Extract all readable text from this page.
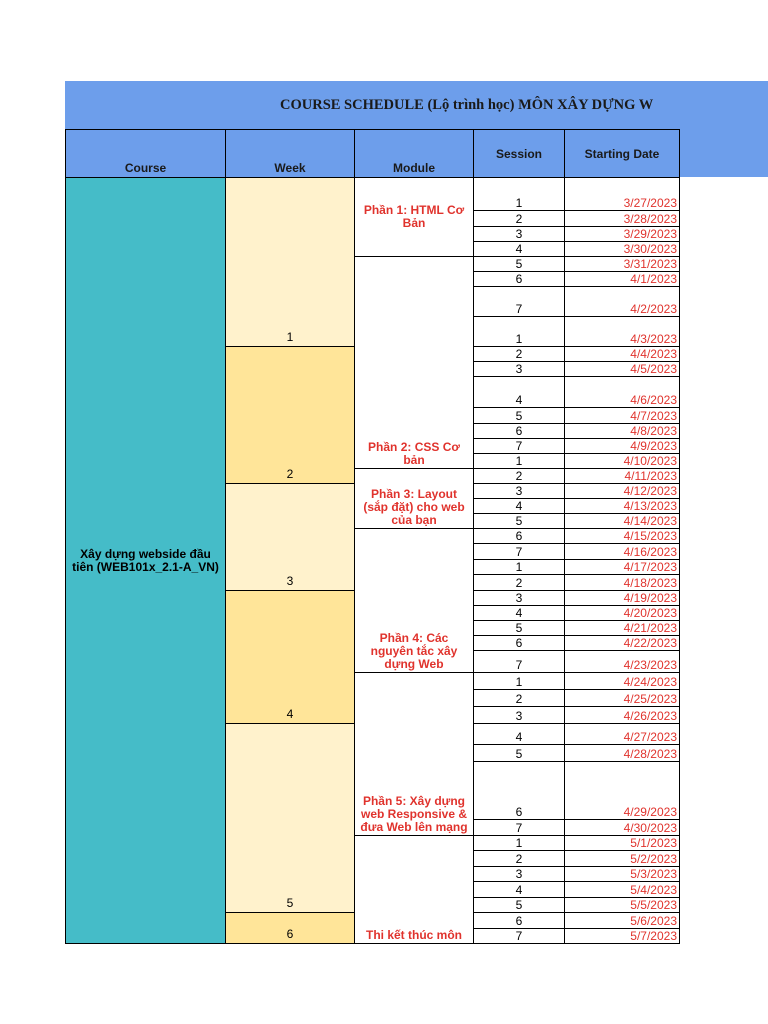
COURSE SCHEDULE (Lộ trình học) MÔN XÂY DỰNG W
Course	Week	Module	Session	Starting Date
Xây dựng webside đầu tiên (WEB101x_2.1-A_VN)	1	Phần 1: HTML Cơ Bản	1	3/27/2023
			2	3/28/2023
			3	3/29/2023
			4	3/30/2023
		Phần 2: CSS Cơ bản	5	3/31/2023
			6	4/1/2023
			7	4/2/2023
			1	4/3/2023
	2		2	4/4/2023
			3	4/5/2023
			4	4/6/2023
			5	4/7/2023
			6	4/8/2023
			7	4/9/2023
			1	4/10/2023
		Phần 3: Layout (sắp đặt) cho web của bạn	2	4/11/2023
	3		3	4/12/2023
			4	4/13/2023
			5	4/14/2023
		Phần 4: Các nguyên tắc xây dựng Web	6	4/15/2023
			7	4/16/2023
			1	4/17/2023
			2	4/18/2023
	4		3	4/19/2023
			4	4/20/2023
			5	4/21/2023
			6	4/22/2023
			7	4/23/2023
		Phần 5: Xây dựng web Responsive & đưa Web lên mạng	1	4/24/2023
			2	4/25/2023
			3	4/26/2023
	5		4	4/27/2023
			5	4/28/2023
			6	4/29/2023
			7	4/30/2023
		Thi kết thúc môn	1	5/1/2023
			2	5/2/2023
			3	5/3/2023
			4	5/4/2023
			5	5/5/2023
	6		6	5/6/2023
			7	5/7/2023
